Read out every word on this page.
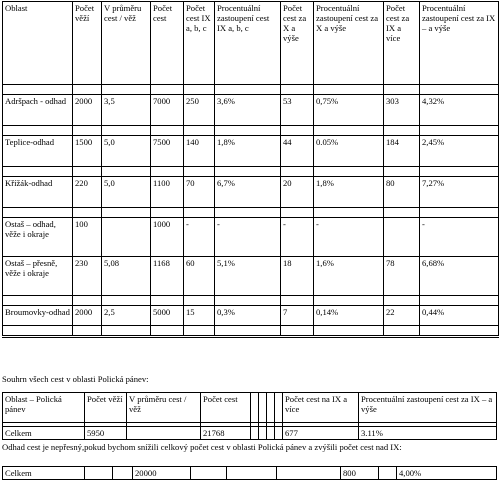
Oblast	Počet věží	V průměru cest / věž	Počet cest	Počet cest IX a, b, c	Procentuální zastoupení cest IX a, b, c	Počet cest za X a výše	Procentuální zastoupení cest za X a výše	Počet cest za IX a více	Procentuální zastoupení cest za IX – a výše

Adršpach - odhad	2000	3,5	7000	250	3,6%	53	0,75%	303	4,32%

Teplice-odhad	1500	5,0	7500	140	1,8%	44	0.05%	184	2,45%

Křížák-odhad	220	5,0	1100	70	6,7%	20	1,8%	80	7,27%

Ostaš – odhad, věže i okraje	100		1000	-	-	-	-		-
Ostaš – přesně, věže i okraje	230	5,08	1168	60	5,1%	18	1,6%	78	6,68%

Broumovky-odhad	2000	2,5	5000	15	0,3%	7	0,14%	22	0,44%

Souhrn všech cest v oblasti Polická pánev:
Oblast – Polická pánev	Počet věží	V průměru cest / věž	Počet cest					Počet cest na IX a více	Procentuální zastoupení cest za IX – a výše

Celkem	5950		21768					677	3.11%
Odhad cest je nepřesný,pokud bychom snížili celkový počet cest v oblasti Polická pánev a zvýšili počet cest nad IX:
Celkem			20000				800		4,00%
